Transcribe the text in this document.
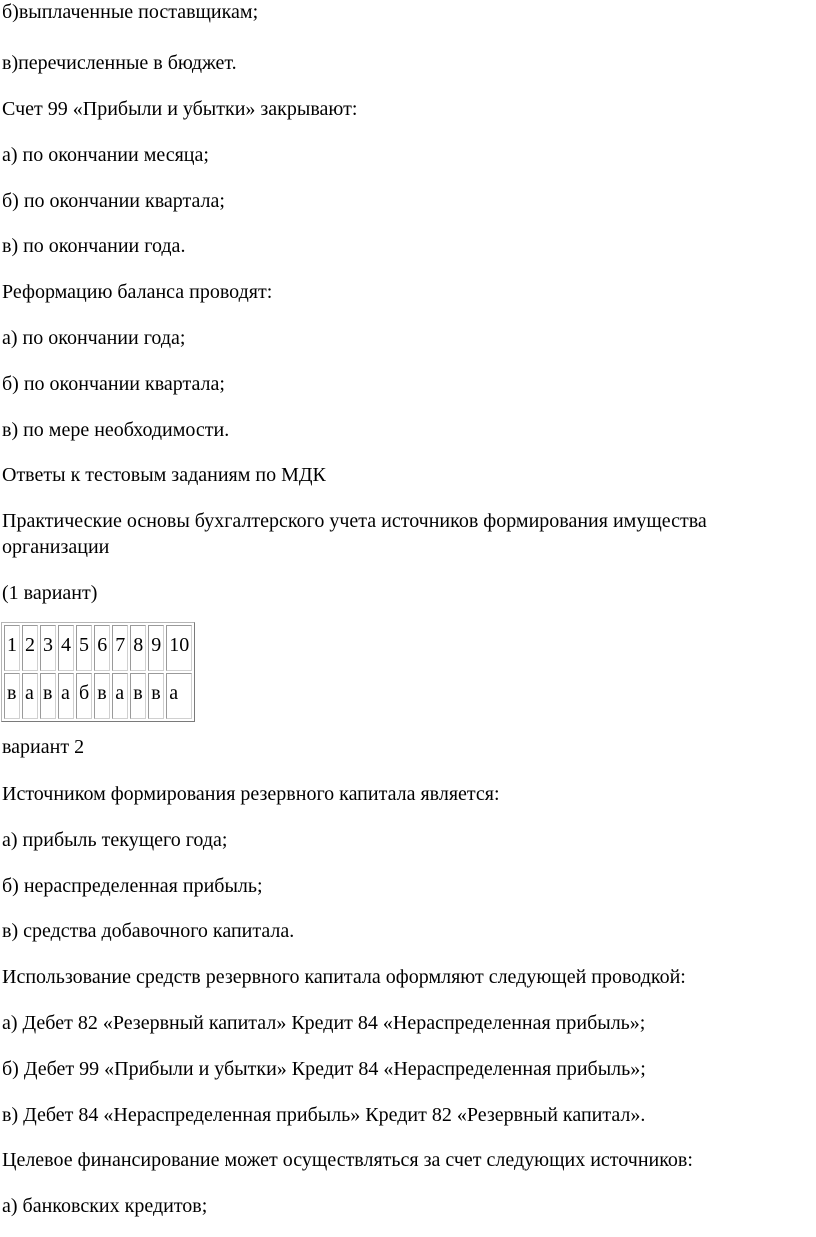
б)выплаченные поставщикам;
в)перечисленные в бюджет.
Счет 99 «Прибыли и убытки» закрывают:
а) по окончании месяца;
б) по окончании квартала;
в) по окончании года.
Реформацию баланса проводят:
а) по окончании года;
б) по окончании квартала;
в) по мере необходимости.
Ответы к тестовым заданиям по МДК
Практические основы бухгалтерского учета источников формирования имущества организации
(1 вариант)
1	2	3	4	5	6	7	8	9	10
в	а	в	а	б	в	а	в	в	а
вариант 2
Источником формирования резервного капитала является:
а) прибыль текущего года;
б) нераспределенная прибыль;
в) средства добавочного капитала.
Использование средств резервного капитала оформляют следующей проводкой:
а) Дебет 82 «Резервный капитал» Кредит 84 «Нераспределенная прибыль»;
б) Дебет 99 «Прибыли и убытки» Кредит 84 «Нераспределенная прибыль»;
в) Дебет 84 «Нераспределенная прибыль» Кредит 82 «Резервный капитал».
Целевое финансирование может осуществляться за счет следующих источников:
а) банковских кредитов;
